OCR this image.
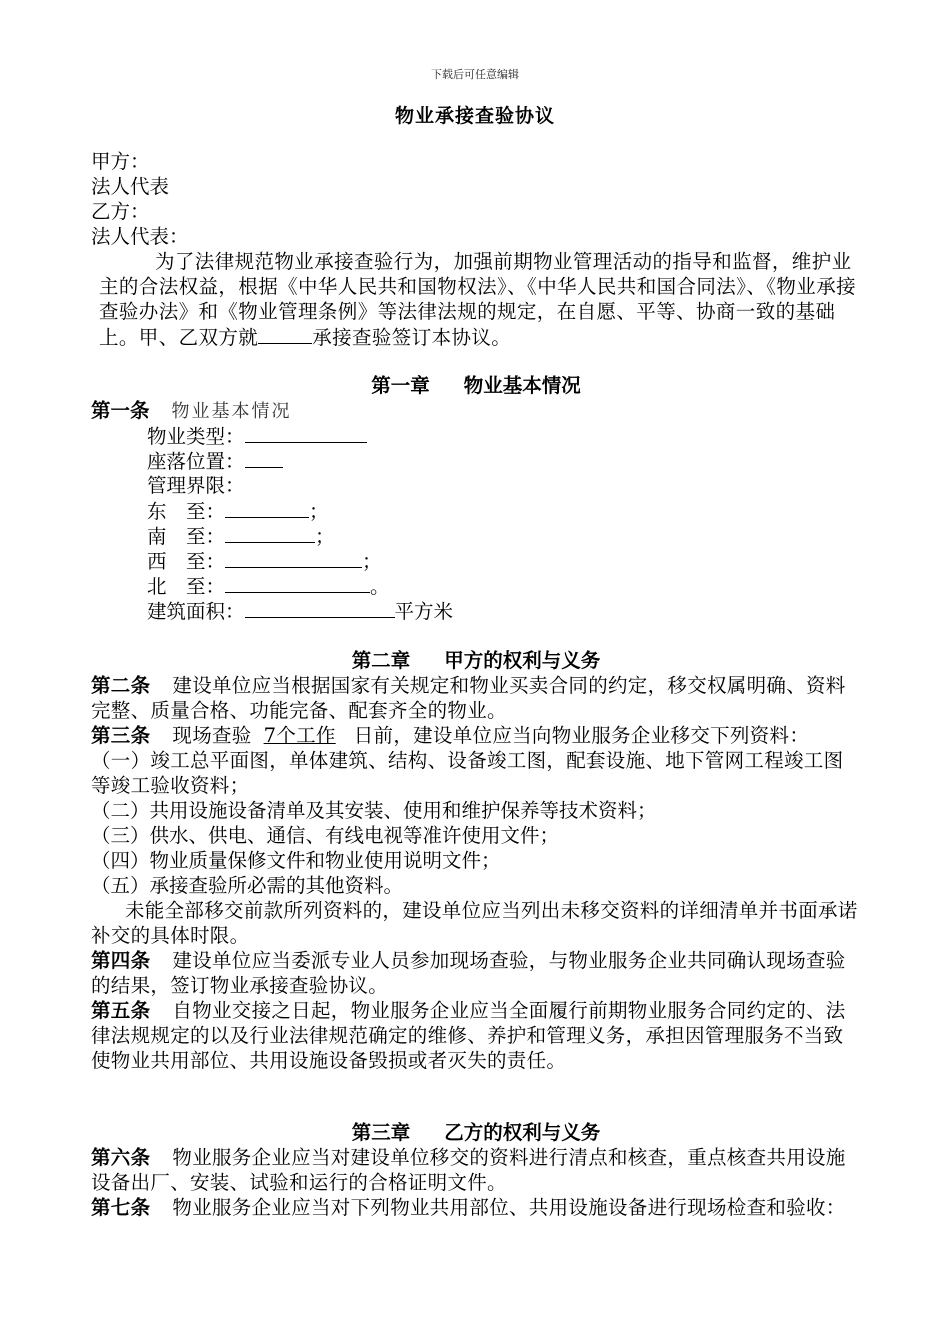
下载后可任意编辑
物业承接查验协议
甲方：
法人代表
乙方：
法人代表：
为了法律规范物业承接查验行为，加强前期物业管理活动的指导和监督，维护业主的合法权益，根据《中华人民共和国物权法》、《中华人民共和国合同法》、《物业承接查验办法》和《物业管理条例》等法律法规的规定，在自愿、平等、协商一致的基础上。甲、乙双方就	承接查验签订本协议。
第一章 物业基本情况
第一条 物业基本情况
物业类型：
座落位置：
管理界限：
东　至：	；
南　至：	；
西　至：	；
北　至：	。
建筑面积：	平方米
第二章 甲方的权利与义务
第二条 建设单位应当根据国家有关规定和物业买卖合同的约定，移交权属明确、资料完整、质量合格、功能完备、配套齐全的物业。
第三条 现场查验 7个工作 日前，建设单位应当向物业服务企业移交下列资料：
（一）竣工总平面图，单体建筑、结构、设备竣工图，配套设施、地下管网工程竣工图等竣工验收资料；
（二）共用设施设备清单及其安装、使用和维护保养等技术资料；
（三）供水、供电、通信、有线电视等准许使用文件；
（四）物业质量保修文件和物业使用说明文件；
（五）承接查验所必需的其他资料。
未能全部移交前款所列资料的，建设单位应当列出未移交资料的详细清单并书面承诺补交的具体时限。
第四条 建设单位应当委派专业人员参加现场查验，与物业服务企业共同确认现场查验的结果，签订物业承接查验协议。
第五条 自物业交接之日起，物业服务企业应当全面履行前期物业服务合同约定的、法律法规规定的以及行业法律规范确定的维修、养护和管理义务，承担因管理服务不当致使物业共用部位、共用设施设备毁损或者灭失的责任。
第三章 乙方的权利与义务
第六条 物业服务企业应当对建设单位移交的资料进行清点和核查，重点核查共用设施设备出厂、安装、试验和运行的合格证明文件。
第七条 物业服务企业应当对下列物业共用部位、共用设施设备进行现场检查和验收：
